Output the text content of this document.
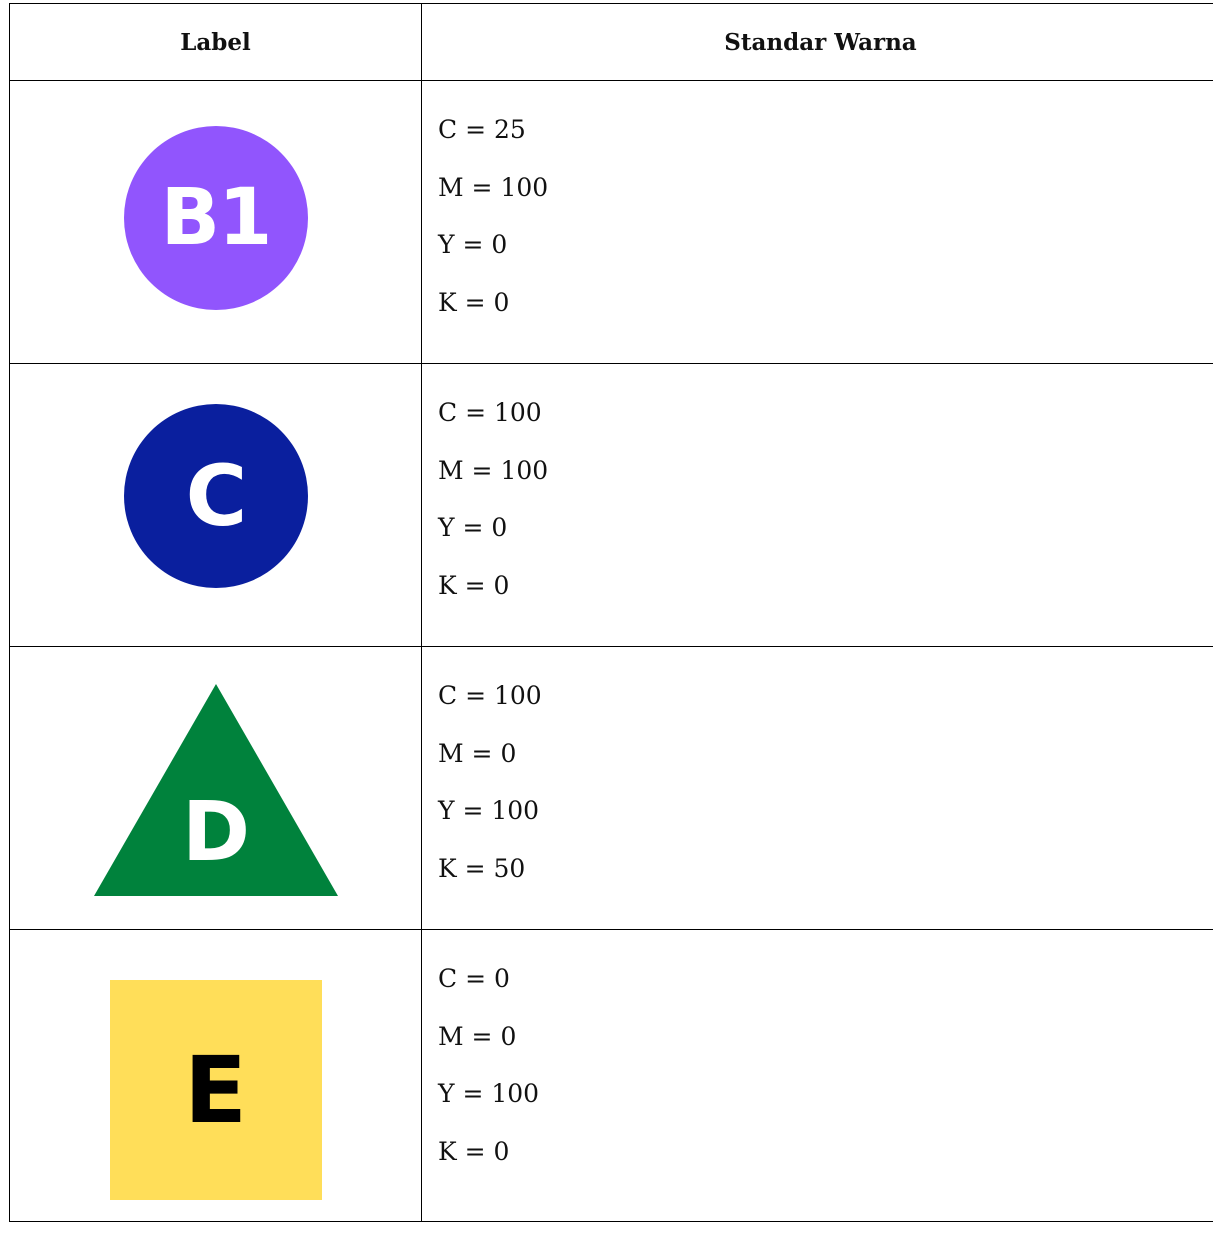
Label	Standar Warna

B1	C = 25
M = 100
Y = 0
K = 0

C	C = 100
M = 100
Y = 0
K = 0

D	C = 100
M = 0
Y = 100
K = 50

E	C = 0
M = 0
Y = 100
K = 0
